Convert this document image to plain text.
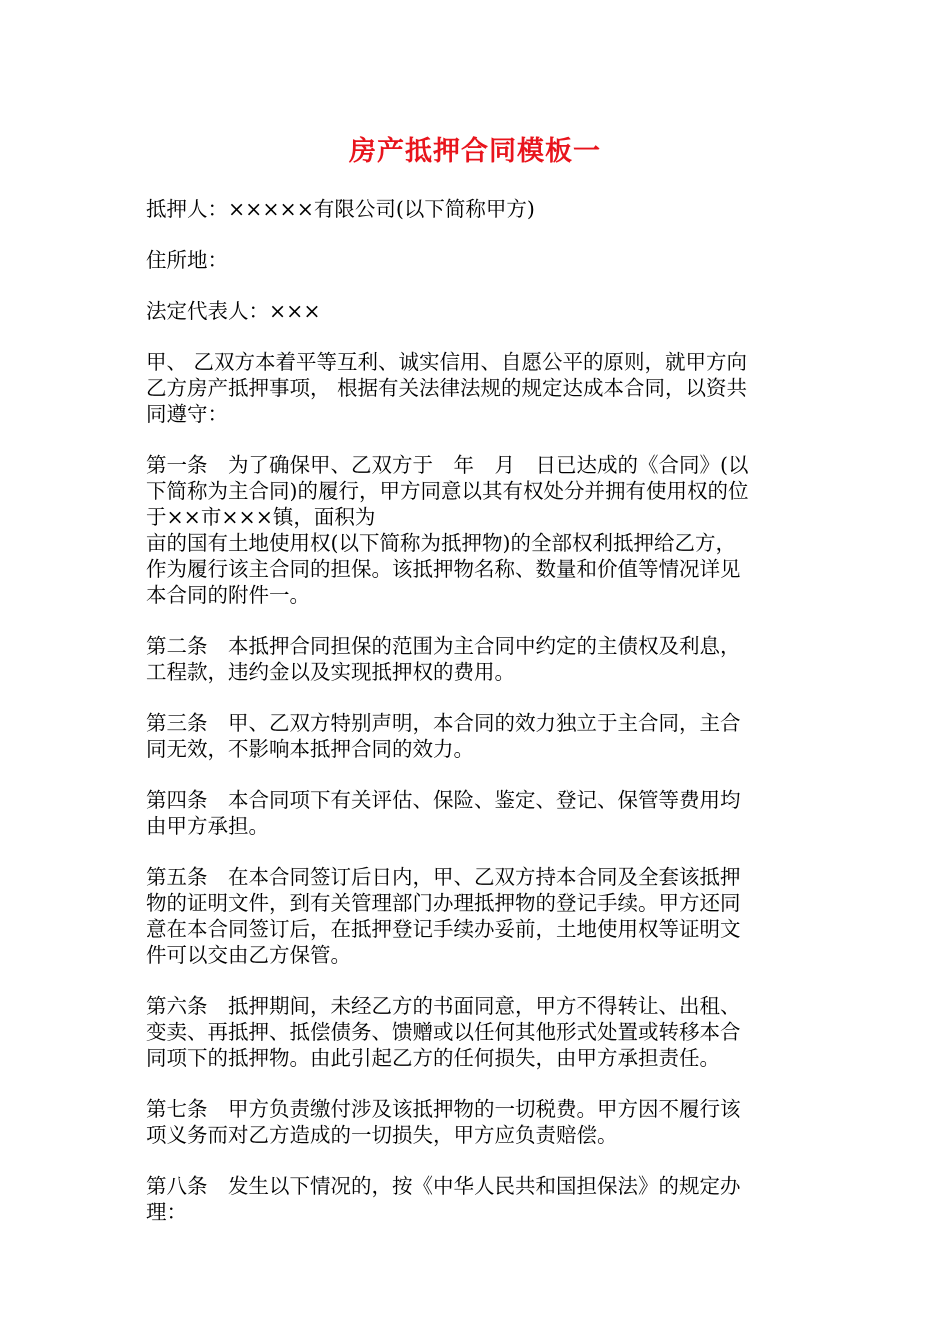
房产抵押合同模板一

抵押人：×××××有限公司(以下简称甲方)

住所地：

法定代表人：×××

甲、 乙双方本着平等互利、诚实信用、自愿公平的原则，就甲方向
乙方房产抵押事项， 根据有关法律法规的规定达成本合同，以资共
同遵守：

第一条　为了确保甲、乙双方于　年　月　日已达成的《合同》(以
下简称为主合同)的履行，甲方同意以其有权处分并拥有使用权的位
于××市×××镇，面积为
亩的国有土地使用权(以下简称为抵押物)的全部权利抵押给乙方，
作为履行该主合同的担保。该抵押物名称、数量和价值等情况详见
本合同的附件一。

第二条　本抵押合同担保的范围为主合同中约定的主债权及利息，
工程款，违约金以及实现抵押权的费用。

第三条　甲、乙双方特别声明，本合同的效力独立于主合同，主合
同无效，不影响本抵押合同的效力。

第四条　本合同项下有关评估、保险、鉴定、登记、保管等费用均
由甲方承担。

第五条　在本合同签订后日内，甲、乙双方持本合同及全套该抵押
物的证明文件，到有关管理部门办理抵押物的登记手续。甲方还同
意在本合同签订后，在抵押登记手续办妥前，土地使用权等证明文
件可以交由乙方保管。

第六条　抵押期间，未经乙方的书面同意，甲方不得转让、出租、
变卖、再抵押、抵偿债务、馈赠或以任何其他形式处置或转移本合
同项下的抵押物。由此引起乙方的任何损失，由甲方承担责任。

第七条　甲方负责缴付涉及该抵押物的一切税费。甲方因不履行该
项义务而对乙方造成的一切损失，甲方应负责赔偿。

第八条　发生以下情况的，按《中华人民共和国担保法》的规定办
理：
